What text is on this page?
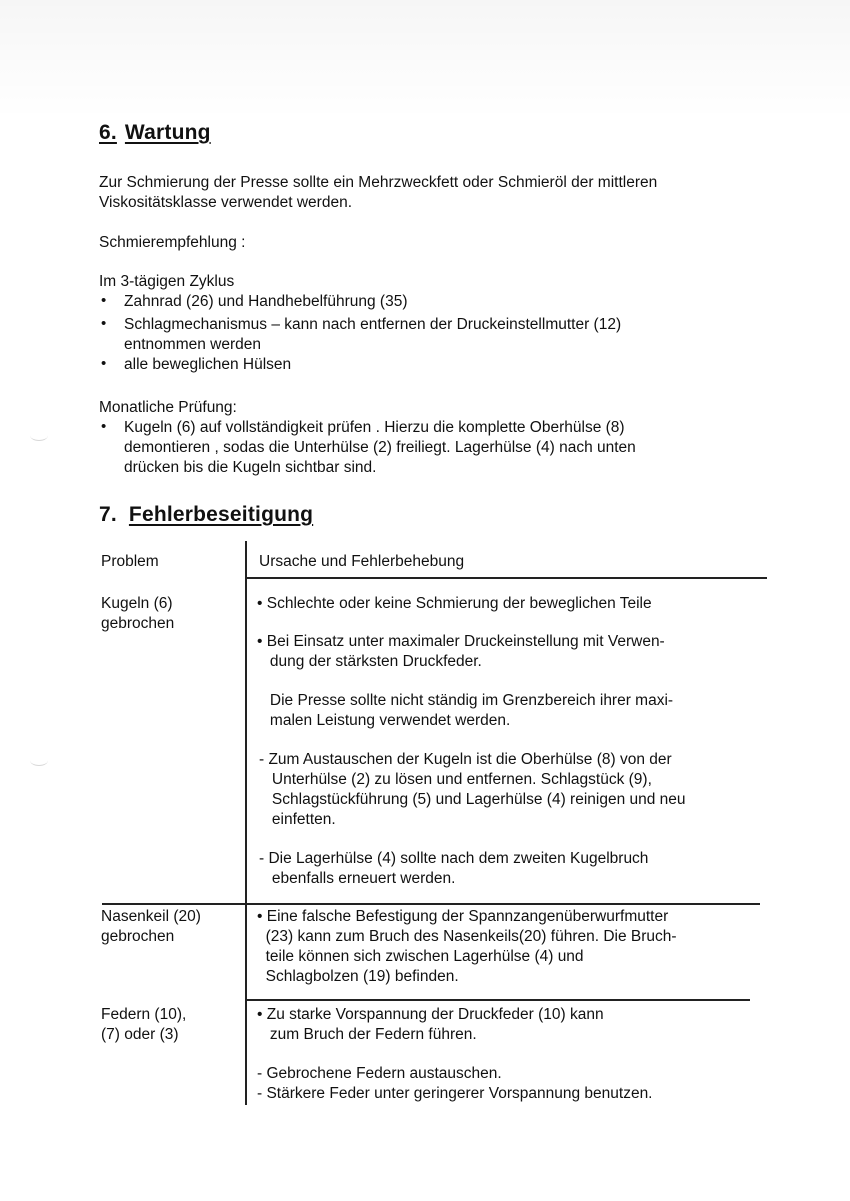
6. Wartung
Zur Schmierung der Presse sollte ein Mehrzweckfett oder Schmieröl der mittleren
Viskositätsklasse verwendet werden.
Schmierempfehlung :
Im 3-tägigen Zyklus
• Zahnrad (26) und Handhebelführung (35)
• Schlagmechanismus – kann nach entfernen der Druckeinstellmutter (12)
entnommen werden
• alle beweglichen Hülsen
Monatliche Prüfung:
• Kugeln (6) auf vollständigkeit prüfen . Hierzu die komplette Oberhülse (8)
demontieren , sodas die Unterhülse (2) freiliegt. Lagerhülse (4) nach unten
drücken bis die Kugeln sichtbar sind.
7. Fehlerbeseitigung
Problem	Ursache und Fehlerbehebung
Kugeln (6)
gebrochen
• Schlechte oder keine Schmierung der beweglichen Teile
• Bei Einsatz unter maximaler Druckeinstellung mit Verwen-
dung der stärksten Druckfeder.
Die Presse sollte nicht ständig im Grenzbereich ihrer maxi-
malen Leistung verwendet werden.
- Zum Austauschen der Kugeln ist die Oberhülse (8) von der
Unterhülse (2) zu lösen und entfernen. Schlagstück (9),
Schlagstückführung (5) und Lagerhülse (4) reinigen und neu
einfetten.
- Die Lagerhülse (4) sollte nach dem zweiten Kugelbruch
ebenfalls erneuert werden.
Nasenkeil (20)
gebrochen
• Eine falsche Befestigung der Spannzangenüberwurfmutter
(23) kann zum Bruch des Nasenkeils(20) führen. Die Bruch-
teile können sich zwischen Lagerhülse (4) und
Schlagbolzen (19) befinden.
Federn (10),
(7) oder (3)
• Zu starke Vorspannung der Druckfeder (10) kann
zum Bruch der Federn führen.
- Gebrochene Federn austauschen.
- Stärkere Feder unter geringerer Vorspannung benutzen.
